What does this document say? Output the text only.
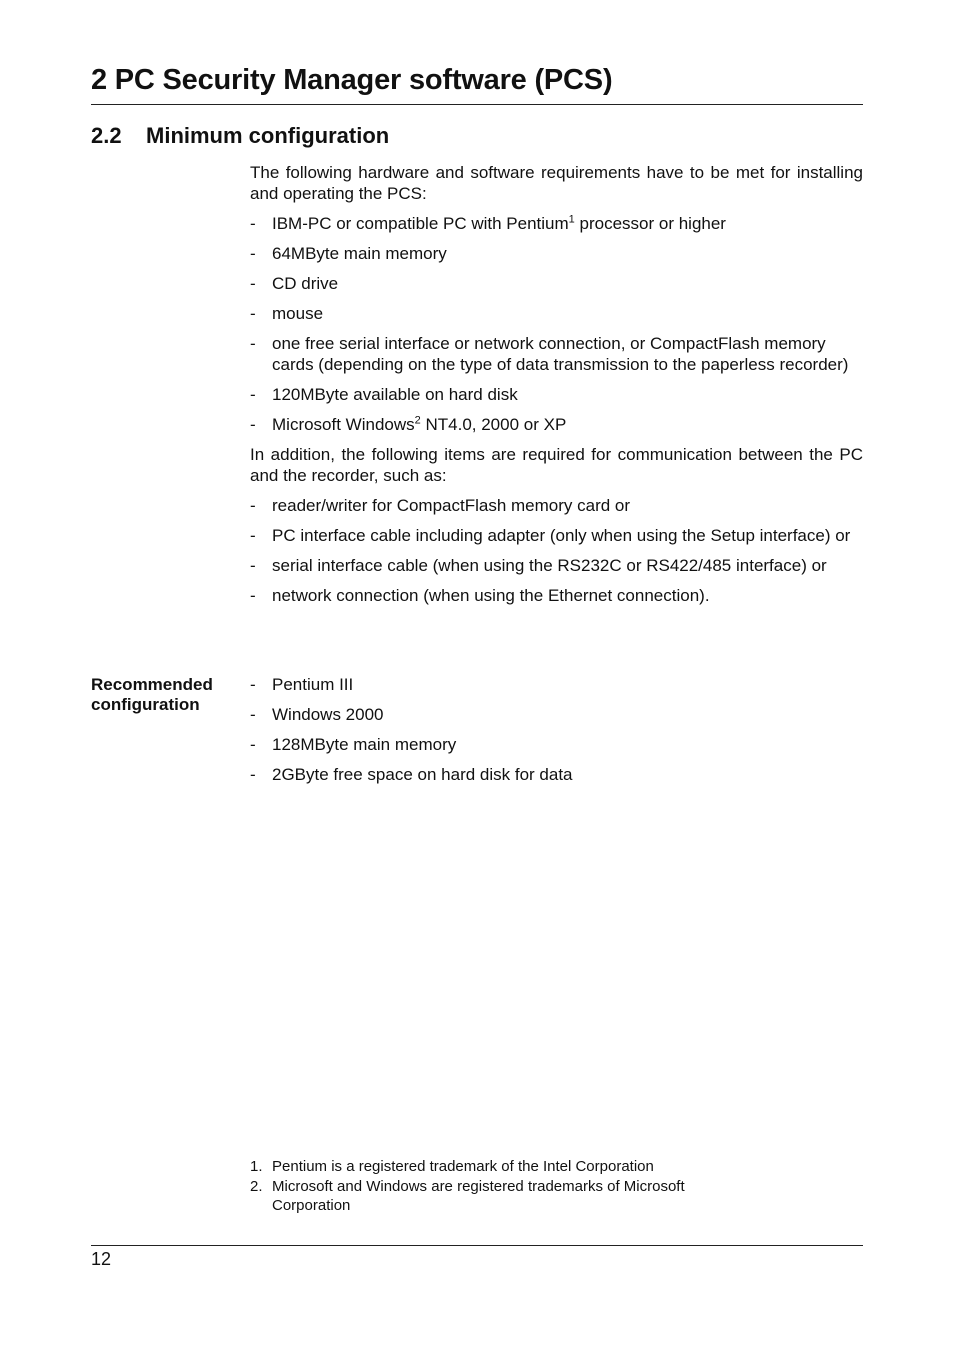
2 PC Security Manager software (PCS)
2.2 Minimum configuration

The following hardware and software requirements have to be met for installing and operating the PCS:

- IBM-PC or compatible PC with Pentium$^1$ processor or higher
- 64MByte main memory
- CD drive
- mouse
- one free serial interface or network connection, or CompactFlash memory cards (depending on the type of data transmission to the paperless recorder)
- 120MByte available on hard disk
- Microsoft Windows$^2$ NT4.0, 2000 or XP

In addition, the following items are required for communication between the PC and the recorder, such as:

- reader/writer for CompactFlash memory card or
- PC interface cable including adapter (only when using the Setup interface) or
- serial interface cable (when using the RS232C or RS422/485 interface) or
- network connection (when using the Ethernet connection).
Recommended configuration
- Pentium III
- Windows 2000
- 128MByte main memory
- 2GByte free space on hard disk for data
1. Pentium is a registered trademark of the Intel Corporation
2. Microsoft and Windows are registered trademarks of Microsoft Corporation
12
